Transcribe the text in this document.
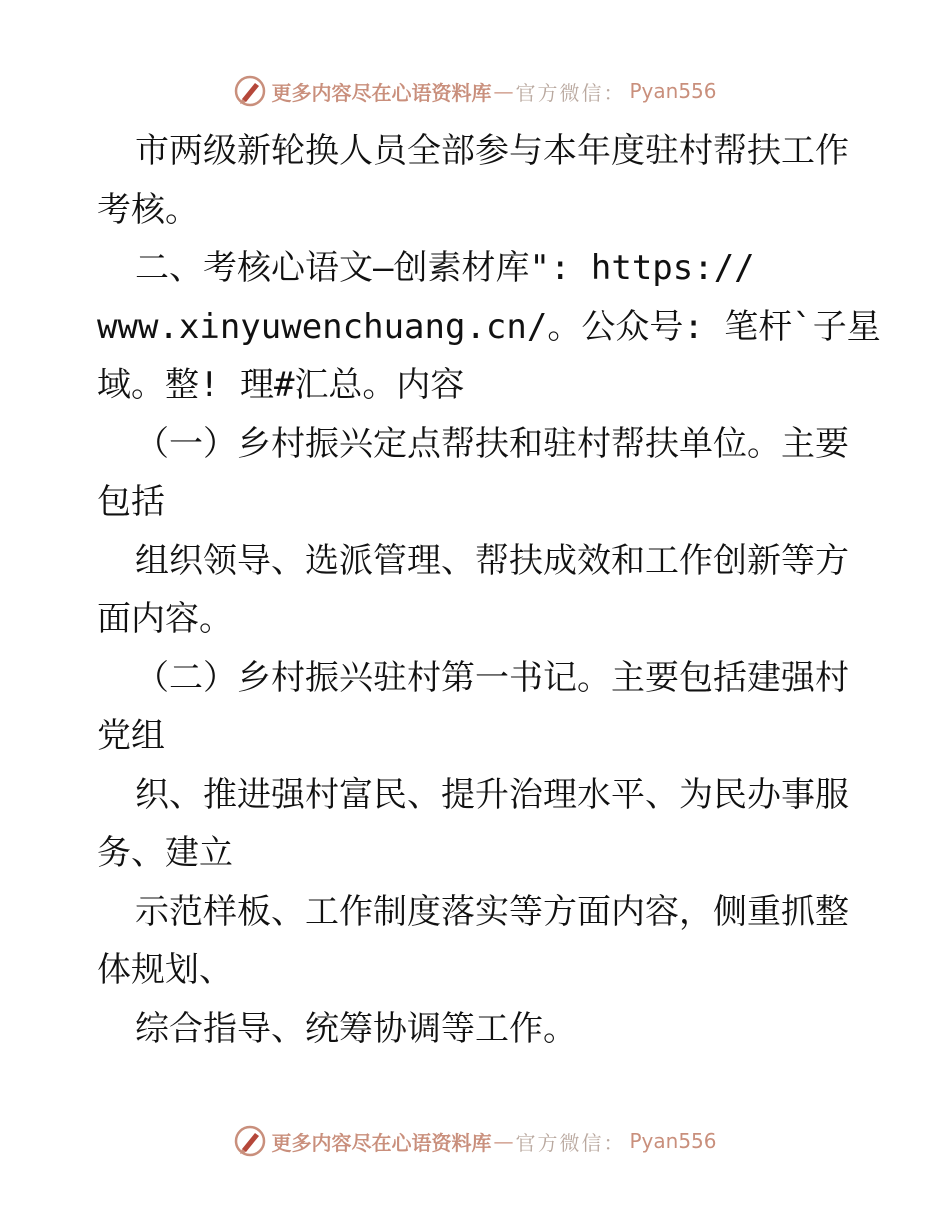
更多内容尽在心语资料库 — 官方微信： Pyan556
市两级新轮换人员全部参与本年度驻村帮扶工作
考核。
二、考核心语文—创素材库": https://
www.xinyuwenchuang.cn/。公众号: 笔杆`子星
域。整! 理#汇总。内容
（一）乡村振兴定点帮扶和驻村帮扶单位。主要
包括
组织领导、选派管理、帮扶成效和工作创新等方
面内容。
（二）乡村振兴驻村第一书记。主要包括建强村
党组
织、推进强村富民、提升治理水平、为民办事服
务、建立
示范样板、工作制度落实等方面内容，侧重抓整
体规划、
综合指导、统筹协调等工作。
更多内容尽在心语资料库 — 官方微信： Pyan556
